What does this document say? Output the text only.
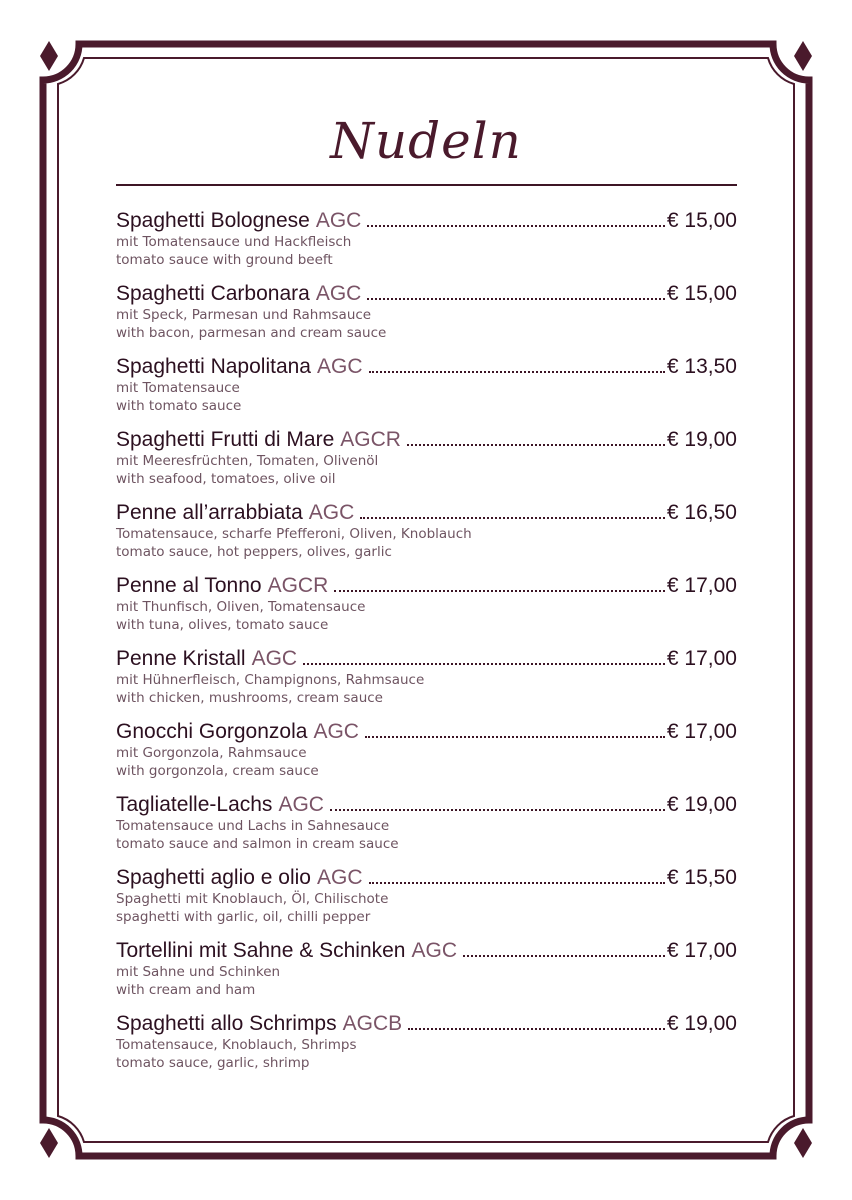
Nudeln
Spaghetti Bolognese AGC	€ 15,00
mit Tomatensauce und Hackfleisch
tomato sauce with ground beeft
Spaghetti Carbonara AGC	€ 15,00
mit Speck, Parmesan und Rahmsauce
with bacon, parmesan and cream sauce
Spaghetti Napolitana AGC	€ 13,50
mit Tomatensauce
with tomato sauce
Spaghetti Frutti di Mare AGCR	€ 19,00
mit Meeresfrüchten, Tomaten, Olivenöl
with seafood, tomatoes, olive oil
Penne all’arrabbiata AGC	€ 16,50
Tomatensauce, scharfe Pfefferoni, Oliven, Knoblauch
tomato sauce, hot peppers, olives, garlic
Penne al Tonno AGCR	€ 17,00
mit Thunfisch, Oliven, Tomatensauce
with tuna, olives, tomato sauce
Penne Kristall AGC	€ 17,00
mit Hühnerfleisch, Champignons, Rahmsauce
with chicken, mushrooms, cream sauce
Gnocchi Gorgonzola AGC	€ 17,00
mit Gorgonzola, Rahmsauce
with gorgonzola, cream sauce
Tagliatelle-Lachs AGC	€ 19,00
Tomatensauce und Lachs in Sahnesauce
tomato sauce and salmon in cream sauce
Spaghetti aglio e olio AGC	€ 15,50
Spaghetti mit Knoblauch, Öl, Chilischote
spaghetti with garlic, oil, chilli pepper
Tortellini mit Sahne & Schinken AGC	€ 17,00
mit Sahne und Schinken
with cream and ham
Spaghetti allo Schrimps AGCB	€ 19,00
Tomatensauce, Knoblauch, Shrimps
tomato sauce, garlic, shrimp
